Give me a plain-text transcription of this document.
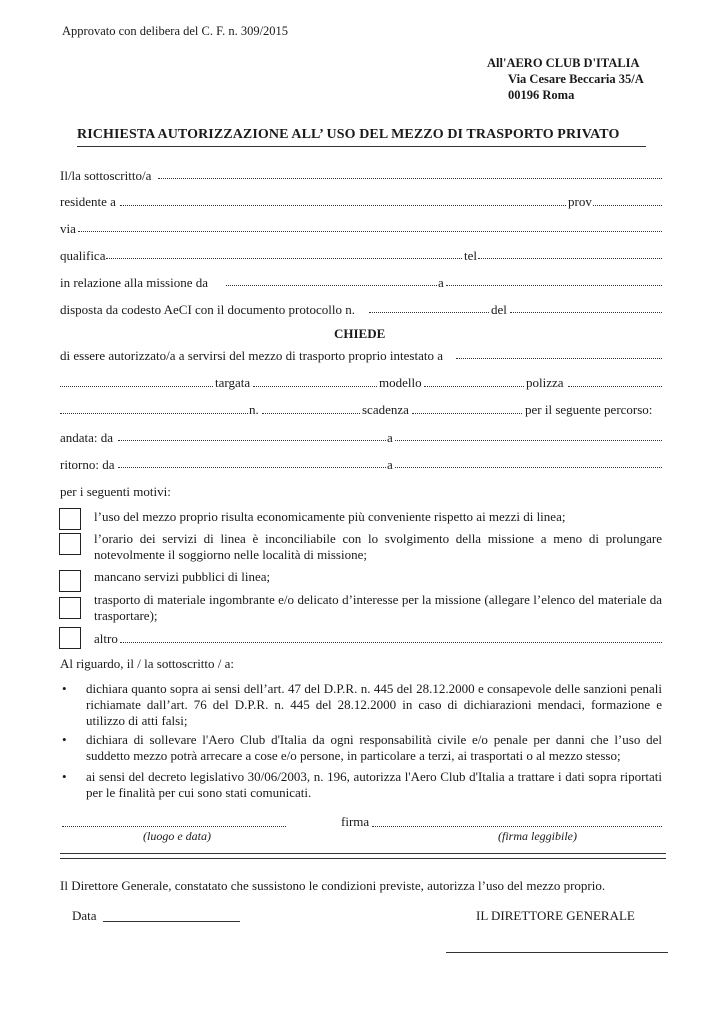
Approvato con delibera del C. F. n. 309/2015
All'AERO CLUB D'ITALIA
Via Cesare Beccaria 35/A
00196 Roma
RICHIESTA AUTORIZZAZIONE ALL’ USO DEL MEZZO DI TRASPORTO PRIVATO
Il/la sottoscritto/a
residente a	prov
via
qualifica	tel
in relazione alla missione da	a
disposta da codesto AeCI con il documento protocollo n.	del
CHIEDE
di essere autorizzato/a a servirsi del mezzo di trasporto proprio intestato a
targata	modello	polizza
n.	scadenza	per il seguente percorso:
andata: da	a
ritorno: da	a
per i seguenti motivi:
l’uso del mezzo proprio risulta economicamente più conveniente rispetto ai mezzi di linea;
l’orario dei servizi di linea è inconciliabile con lo svolgimento della missione a meno di prolungare notevolmente il soggiorno nelle località di missione;
mancano servizi pubblici di linea;
trasporto di materiale ingombrante e/o delicato d’interesse per la missione (allegare l’elenco del materiale da trasportare);
altro
Al riguardo, il / la sottoscritto / a:
• dichiara quanto sopra ai sensi dell’art. 47 del D.P.R. n. 445 del 28.12.2000 e consapevole delle sanzioni penali richiamate dall’art. 76 del D.P.R. n. 445 del 28.12.2000 in caso di dichiarazioni mendaci, formazione e utilizzo di atti falsi;
• dichiara di sollevare l'Aero Club d'Italia da ogni responsabilità civile e/o penale per danni che l’uso del suddetto mezzo potrà arrecare a cose e/o persone, in particolare a terzi, ai trasportati o al mezzo stesso;
• ai sensi del decreto legislativo 30/06/2003, n. 196, autorizza l'Aero Club d'Italia a trattare i dati sopra riportati per le finalità per cui sono stati comunicati.
firma
(luogo e data)	(firma leggibile)
Il Direttore Generale, constatato che sussistono le condizioni previste, autorizza l’uso del mezzo proprio.
Data	IL DIRETTORE GENERALE
